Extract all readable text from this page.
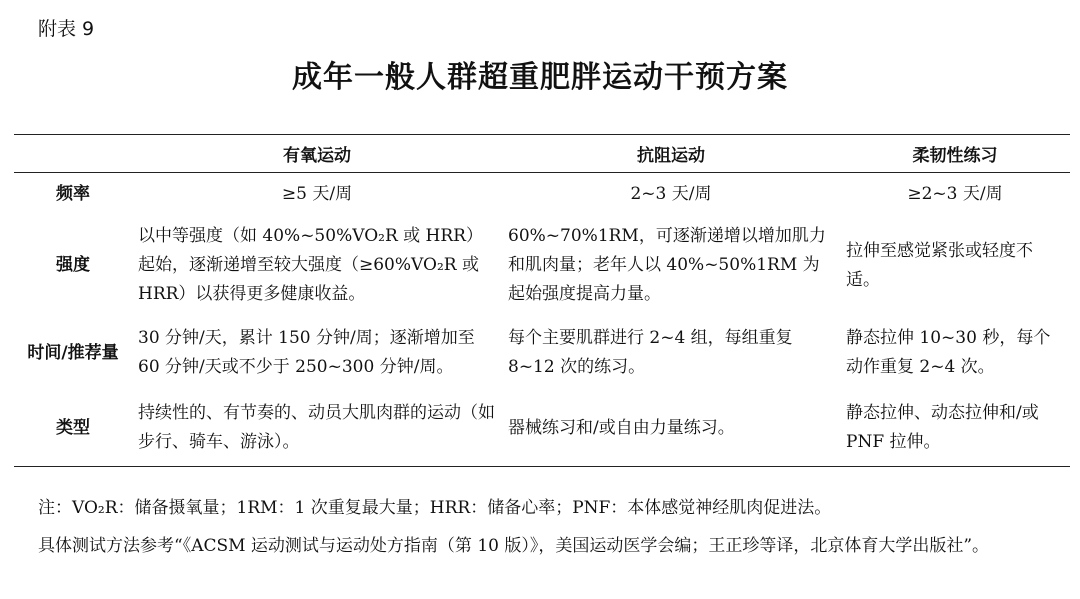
附表 9
成年一般人群超重肥胖运动干预方案
	有氧运动	抗阻运动	柔韧性练习
频率	≥5 天/周	2~3 天/周	≥2~3 天/周
强度	以中等强度（如 40%~50%VO₂R 或 HRR）起始，逐渐递增至较大强度（≥60%VO₂R 或 HRR）以获得更多健康收益。	60%~70%1RM，可逐渐递增以增加肌力和肌肉量；老年人以 40%~50%1RM 为起始强度提高力量。	拉伸至感觉紧张或轻度不适。
时间/推荐量	30 分钟/天，累计 150 分钟/周；逐渐增加至 60 分钟/天或不少于 250~300 分钟/周。	每个主要肌群进行 2~4 组，每组重复 8~12 次的练习。	静态拉伸 10~30 秒，每个动作重复 2~4 次。
类型	持续性的、有节奏的、动员大肌肉群的运动（如步行、骑车、游泳）。	器械练习和/或自由力量练习。	静态拉伸、动态拉伸和/或 PNF 拉伸。
注：VO₂R：储备摄氧量；1RM：1 次重复最大量；HRR：储备心率；PNF：本体感觉神经肌肉促进法。
具体测试方法参考“《ACSM 运动测试与运动处方指南（第 10 版）》，美国运动医学会编；王正珍等译，北京体育大学出版社”。
